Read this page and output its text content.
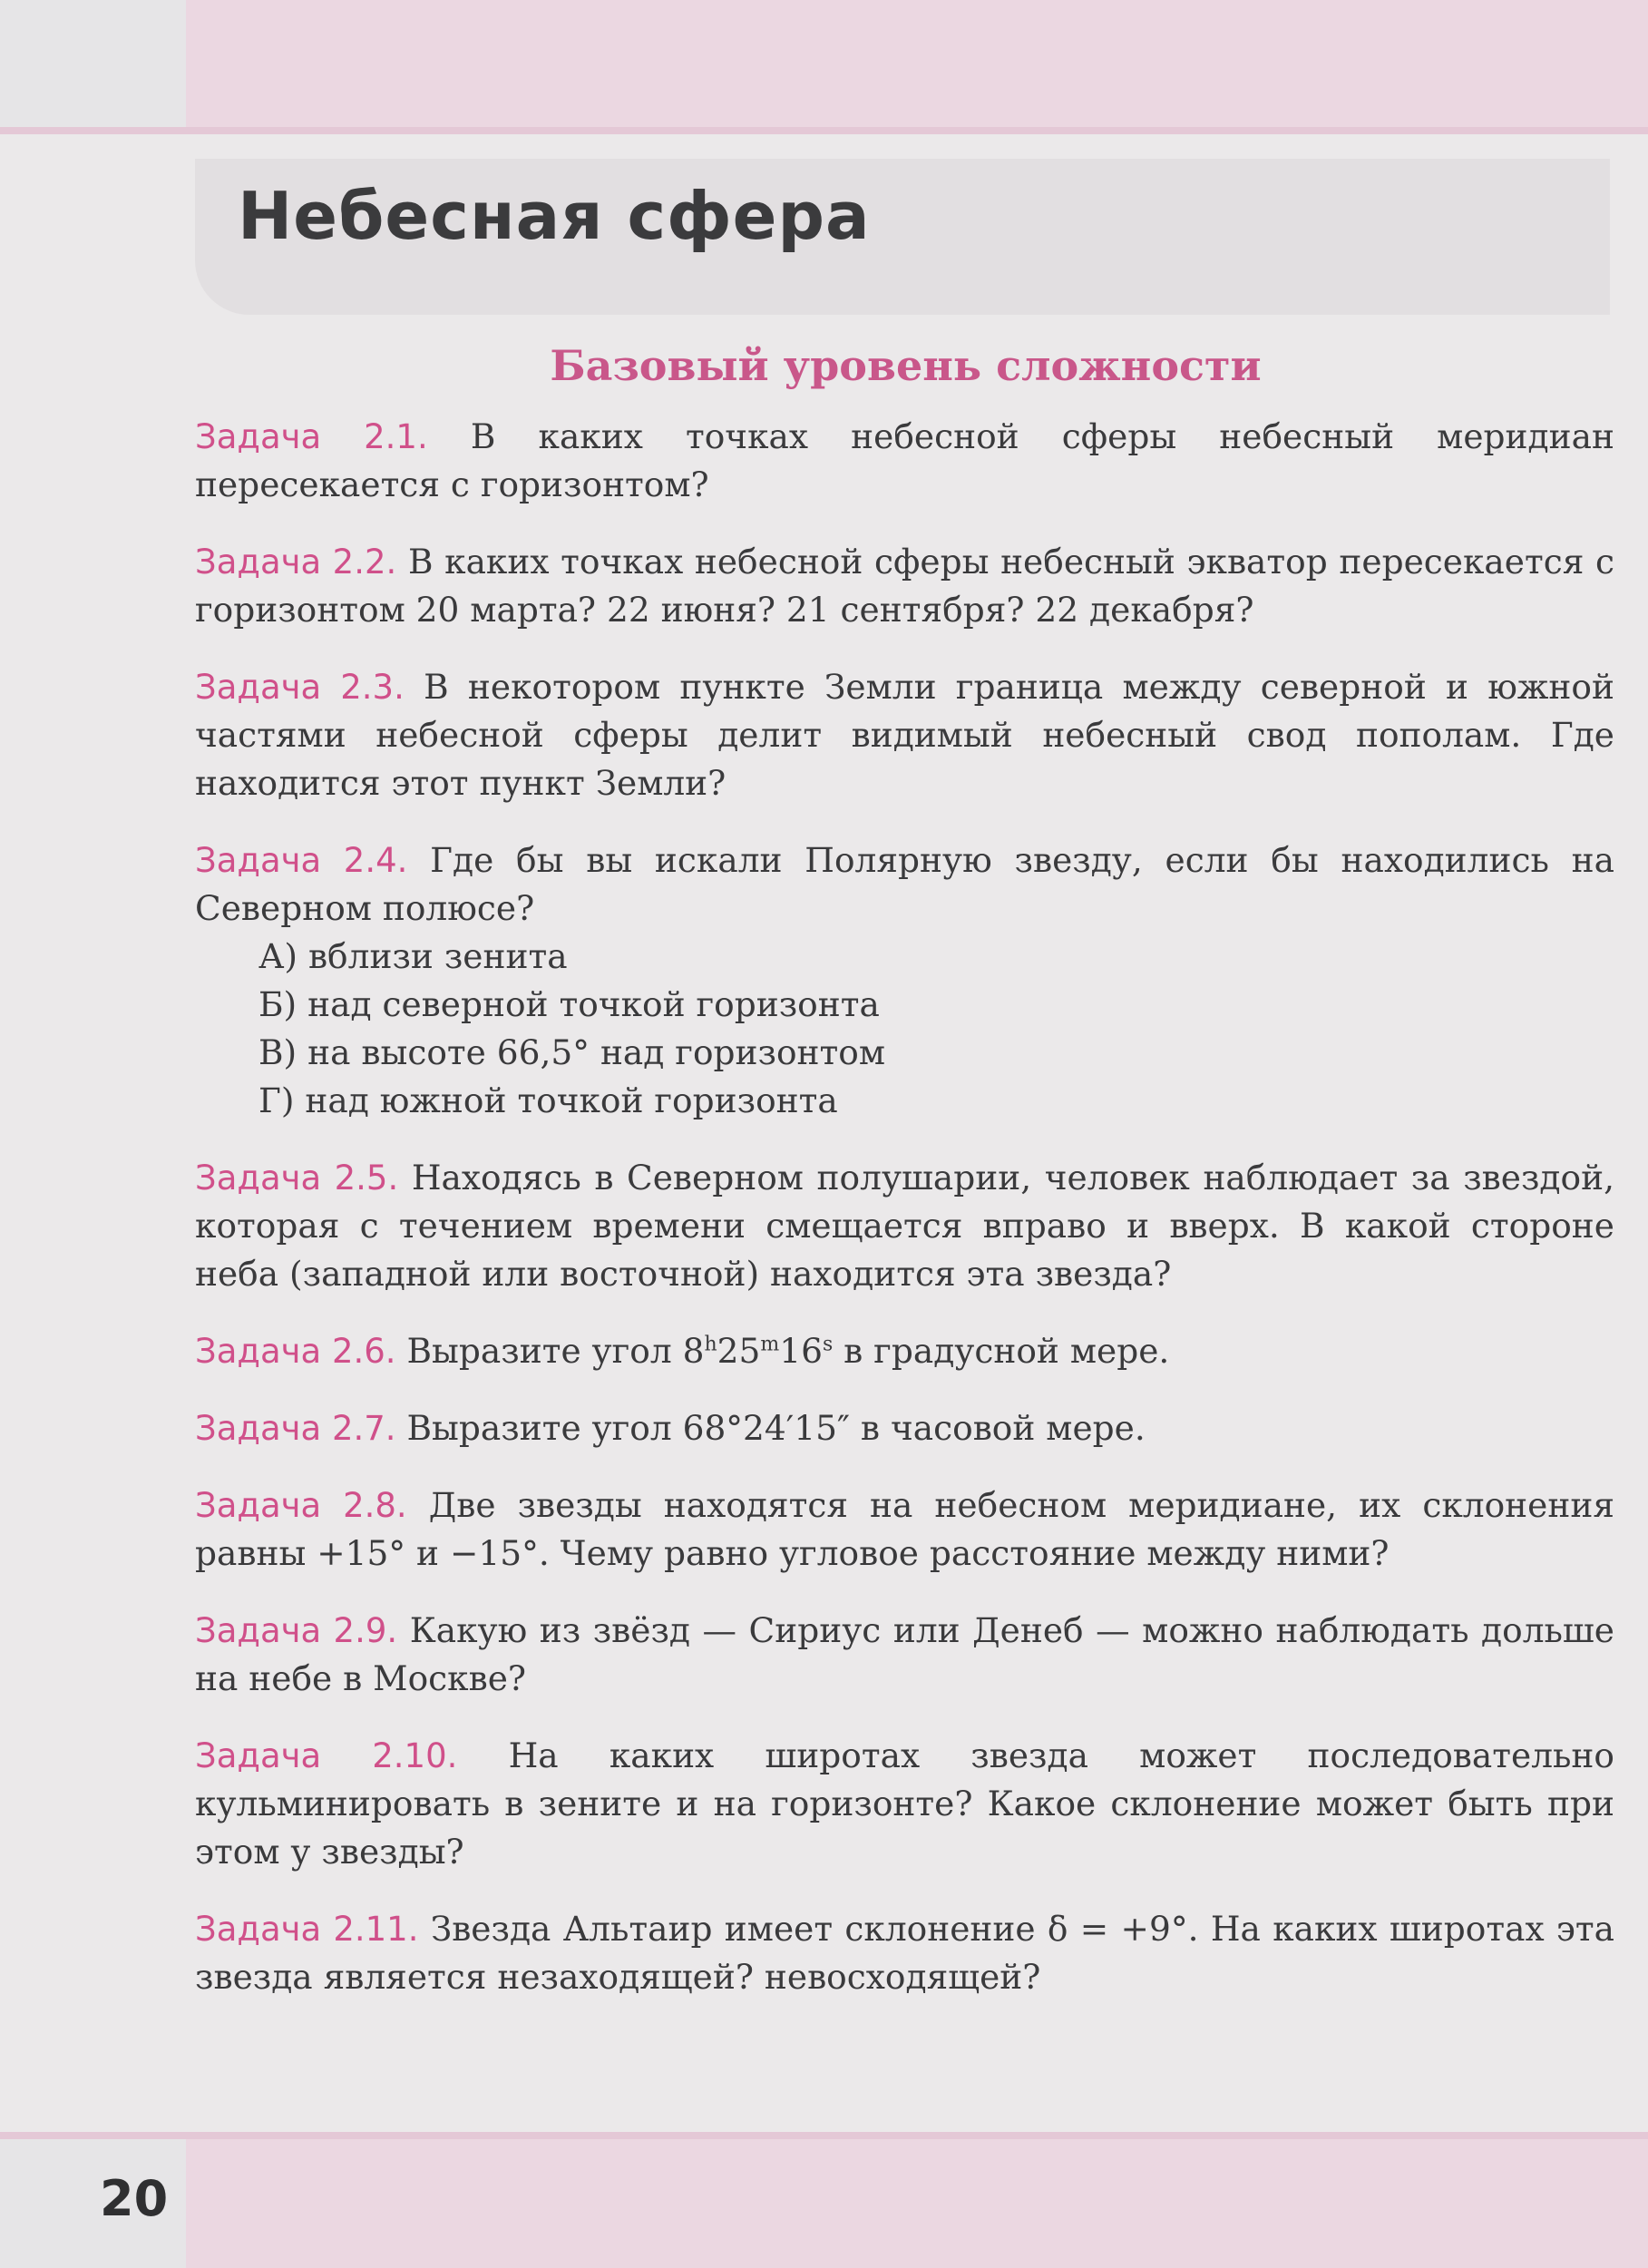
Небесная сфера
Базовый уровень сложности

Задача 2.1. В каких точках небесной сферы небесный меридиан пересекается с горизонтом?

Задача 2.2. В каких точках небесной сферы небесный экватор пересекается с горизонтом 20 марта? 22 июня? 21 сентября? 22 декабря?

Задача 2.3. В некотором пункте Земли граница между северной и южной частями небесной сферы делит видимый небесный свод пополам. Где находится этот пункт Земли?

Задача 2.4. Где бы вы искали Полярную звезду, если бы находились на Северном полюсе?

А) вблизи зенита
Б) над северной точкой горизонта
В) на высоте 66,5° над горизонтом
Г) над южной точкой горизонта

Задача 2.5. Находясь в Северном полушарии, человек наблюдает за звездой, которая с течением времени смещается вправо и вверх. В какой стороне неба (западной или восточной) находится эта звезда?

Задача 2.6. Выразите угол 8$^h$25$^m$16$^s$ в градусной мере.

Задача 2.7. Выразите угол 68°24′15″ в часовой мере.

Задача 2.8. Две звезды находятся на небесном меридиане, их склонения равны +15° и −15°. Чему равно угловое расстояние между ними?

Задача 2.9. Какую из звёзд — Сириус или Денеб — можно наблюдать дольше на небе в Москве?

Задача 2.10. На каких широтах звезда может последовательно кульминировать в зените и на горизонте? Какое склонение может быть при этом у звезды?

Задача 2.11. Звезда Альтаир имеет склонение δ = +9°. На каких широтах эта звезда является незаходящей? невосходящей?

20
